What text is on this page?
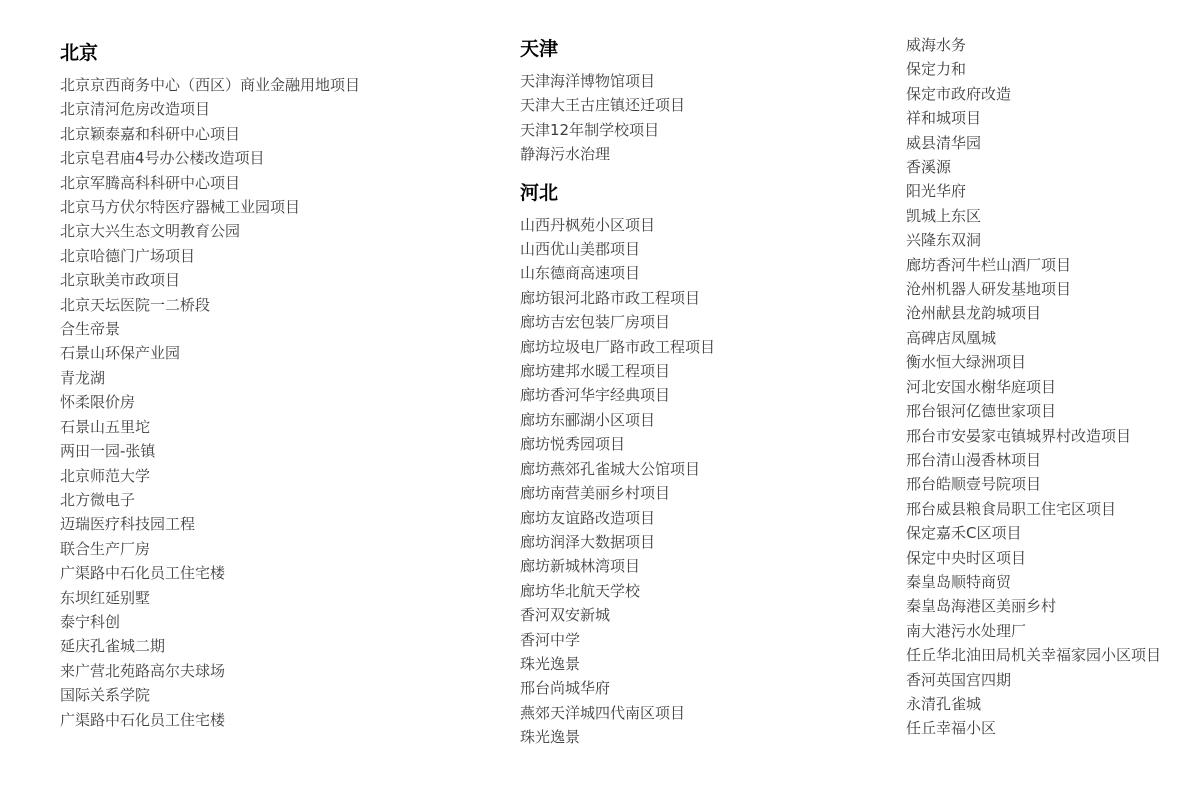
北京
北京京西商务中心（西区）商业金融用地项目
北京清河危房改造项目
北京颖泰嘉和科研中心项目
北京皂君庙4号办公楼改造项目
北京军腾高科科研中心项目
北京马方伏尔特医疗器械工业园项目
北京大兴生态文明教育公园
北京哈德门广场项目
北京耿美市政项目
北京天坛医院一二桥段
合生帝景
石景山环保产业园
青龙湖
怀柔限价房
石景山五里坨
两田一园-张镇
北京师范大学
北方微电子
迈瑞医疗科技园工程
联合生产厂房
广渠路中石化员工住宅楼
东坝红延别墅
泰宁科创
延庆孔雀城二期
来广营北苑路高尔夫球场
国际关系学院
广渠路中石化员工住宅楼
天津
天津海洋博物馆项目
天津大王古庄镇还迁项目
天津12年制学校项目
静海污水治理
河北
山西丹枫苑小区项目
山西优山美郡项目
山东德商高速项目
廊坊银河北路市政工程项目
廊坊吉宏包装厂房项目
廊坊垃圾电厂路市政工程项目
廊坊建邦水暖工程项目
廊坊香河华宇经典项目
廊坊东郦湖小区项目
廊坊悦秀园项目
廊坊燕郊孔雀城大公馆项目
廊坊南营美丽乡村项目
廊坊友谊路改造项目
廊坊润泽大数据项目
廊坊新城林湾项目
廊坊华北航天学校
香河双安新城
香河中学
珠光逸景
邢台尚城华府
燕郊天洋城四代南区项目
珠光逸景
威海水务
保定力和
保定市政府改造
祥和城项目
威县清华园
香溪源
阳光华府
凯城上东区
兴隆东双洞
廊坊香河牛栏山酒厂项目
沧州机器人研发基地项目
沧州献县龙韵城项目
高碑店凤凰城
衡水恒大绿洲项目
河北安国水榭华庭项目
邢台银河亿德世家项目
邢台市安晏家屯镇城界村改造项目
邢台清山漫香林项目
邢台皓顺壹号院项目
邢台威县粮食局职工住宅区项目
保定嘉禾C区项目
保定中央时区项目
秦皇岛顺特商贸
秦皇岛海港区美丽乡村
南大港污水处理厂
任丘华北油田局机关幸福家园小区项目
香河英国宫四期
永清孔雀城
任丘幸福小区
